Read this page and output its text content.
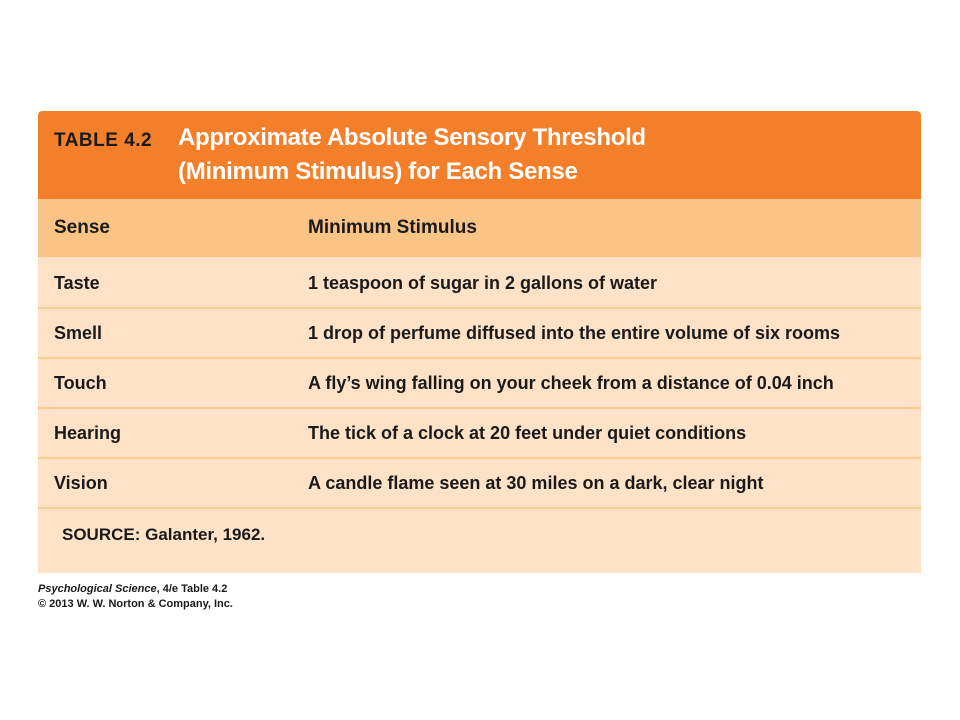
TABLE 4.2 Approximate Absolute Sensory Threshold
(Minimum Stimulus) for Each Sense
Sense	Minimum Stimulus
Taste	1 teaspoon of sugar in 2 gallons of water
Smell	1 drop of perfume diffused into the entire volume of six rooms
Touch	A fly’s wing falling on your cheek from a distance of 0.04 inch
Hearing	The tick of a clock at 20 feet under quiet conditions
Vision	A candle flame seen at 30 miles on a dark, clear night
SOURCE: Galanter, 1962.
Psychological Science, 4/e Table 4.2
© 2013 W. W. Norton & Company, Inc.
